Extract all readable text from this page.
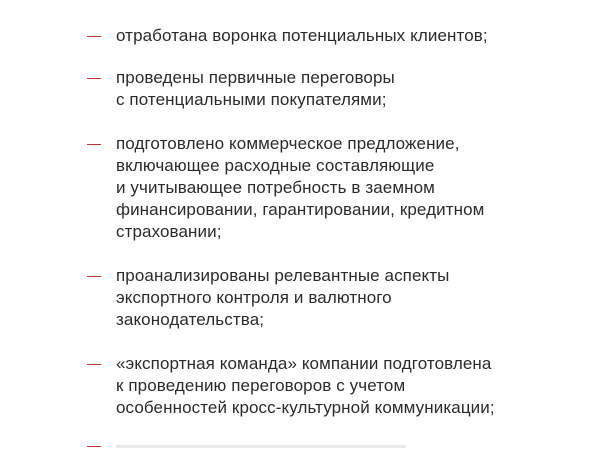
отработана воронка потенциальных клиентов;
проведены первичные переговоры
с потенциальными покупателями;
подготовлено коммерческое предложение,
включающее расходные составляющие
и учитывающее потребность в заемном
финансировании, гарантировании, кредитном
страховании;
проанализированы релевантные аспекты
экспортного контроля и валютного
законодательства;
«экспортная команда» компании подготовлена
к проведению переговоров с учетом
особенностей кросс-культурной коммуникации;
